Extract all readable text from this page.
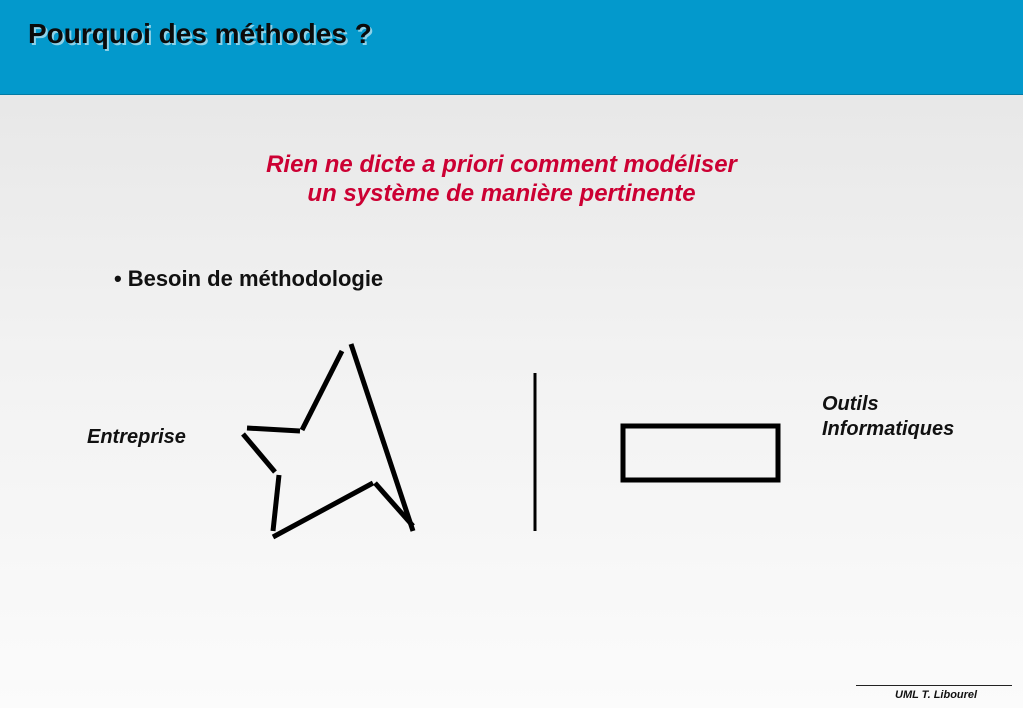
Pourquoi des méthodes ?
Rien ne dicte a priori comment modéliser
un système de manière pertinente
• Besoin de méthodologie
Entreprise
Outils
Informatiques
UML T. Libourel
